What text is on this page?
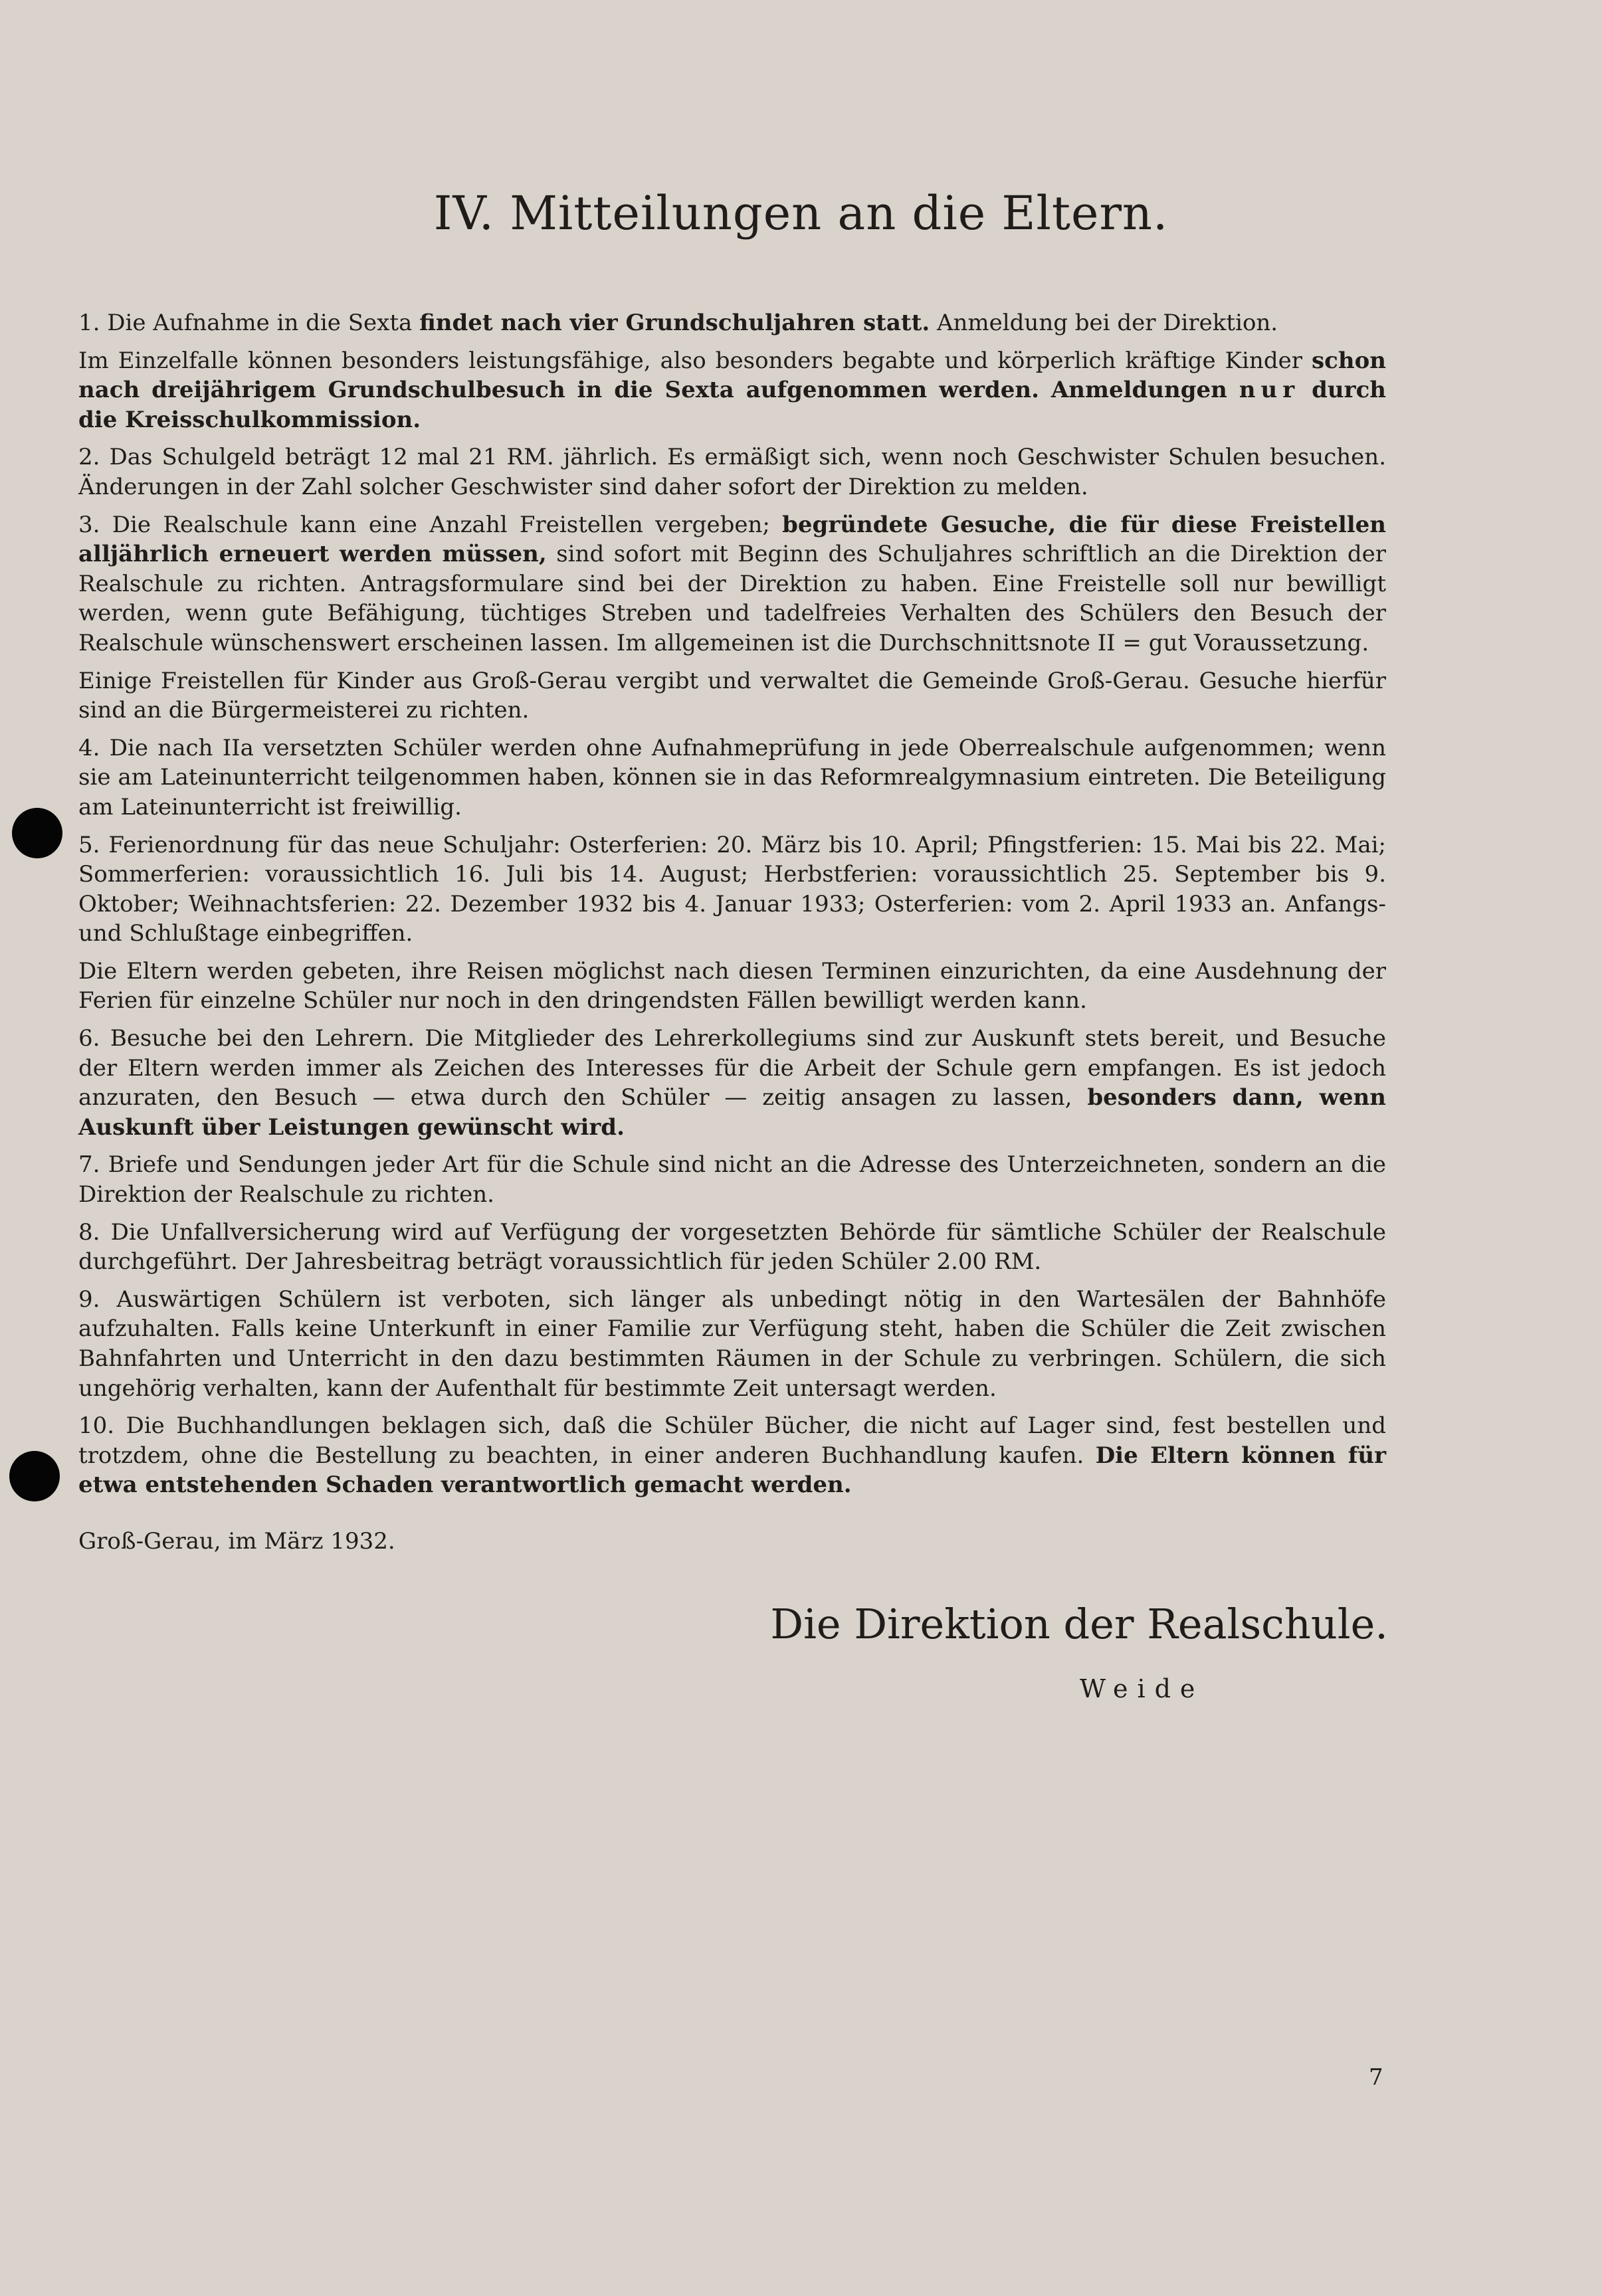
IV. Mitteilungen an die Eltern.

1. Die Aufnahme in die Sexta findet nach vier Grundschuljahren statt. Anmeldung bei der Direktion.

Im Einzelfalle können besonders leistungsfähige, also besonders begabte und körperlich kräftige Kinder schon nach dreijährigem Grundschulbesuch in die Sexta aufgenommen werden. Anmeldungen nur durch die Kreisschulkommission.

2. Das Schulgeld beträgt 12 mal 21 RM. jährlich. Es ermäßigt sich, wenn noch Geschwister Schulen besuchen. Änderungen in der Zahl solcher Geschwister sind daher sofort der Direktion zu melden.

3. Die Realschule kann eine Anzahl Freistellen vergeben; begründete Gesuche, die für diese Freistellen alljährlich erneuert werden müssen, sind sofort mit Beginn des Schuljahres schriftlich an die Direktion der Realschule zu richten. Antragsformulare sind bei der Direktion zu haben. Eine Freistelle soll nur bewilligt werden, wenn gute Befähigung, tüchtiges Streben und tadelfreies Verhalten des Schülers den Besuch der Realschule wünschenswert erscheinen lassen. Im allgemeinen ist die Durchschnittsnote II = gut Voraussetzung.

Einige Freistellen für Kinder aus Groß-Gerau vergibt und verwaltet die Gemeinde Groß-Gerau. Gesuche hierfür sind an die Bürgermeisterei zu richten.

4. Die nach IIa versetzten Schüler werden ohne Aufnahmeprüfung in jede Oberrealschule aufgenommen; wenn sie am Lateinunterricht teilgenommen haben, können sie in das Reformrealgymnasium eintreten. Die Beteiligung am Lateinunterricht ist freiwillig.

5. Ferienordnung für das neue Schuljahr: Osterferien: 20. März bis 10. April; Pfingstferien: 15. Mai bis 22. Mai; Sommerferien: voraussichtlich 16. Juli bis 14. August; Herbstferien: voraussichtlich 25. September bis 9. Oktober; Weihnachtsferien: 22. Dezember 1932 bis 4. Januar 1933; Osterferien: vom 2. April 1933 an. Anfangs- und Schlußtage einbegriffen.

Die Eltern werden gebeten, ihre Reisen möglichst nach diesen Terminen einzurichten, da eine Ausdehnung der Ferien für einzelne Schüler nur noch in den dringendsten Fällen bewilligt werden kann.

6. Besuche bei den Lehrern. Die Mitglieder des Lehrerkollegiums sind zur Auskunft stets bereit, und Besuche der Eltern werden immer als Zeichen des Interesses für die Arbeit der Schule gern empfangen. Es ist jedoch anzuraten, den Besuch — etwa durch den Schüler — zeitig ansagen zu lassen, besonders dann, wenn Auskunft über Leistungen gewünscht wird.

7. Briefe und Sendungen jeder Art für die Schule sind nicht an die Adresse des Unterzeichneten, sondern an die Direktion der Realschule zu richten.

8. Die Unfallversicherung wird auf Verfügung der vorgesetzten Behörde für sämtliche Schüler der Realschule durchgeführt. Der Jahresbeitrag beträgt voraussichtlich für jeden Schüler 2.00 RM.

9. Auswärtigen Schülern ist verboten, sich länger als unbedingt nötig in den Wartesälen der Bahnhöfe aufzuhalten. Falls keine Unterkunft in einer Familie zur Verfügung steht, haben die Schüler die Zeit zwischen Bahnfahrten und Unterricht in den dazu bestimmten Räumen in der Schule zu verbringen. Schülern, die sich ungehörig verhalten, kann der Aufenthalt für bestimmte Zeit untersagt werden.

10. Die Buchhandlungen beklagen sich, daß die Schüler Bücher, die nicht auf Lager sind, fest bestellen und trotzdem, ohne die Bestellung zu beachten, in einer anderen Buchhandlung kaufen. Die Eltern können für etwa entstehenden Schaden verantwortlich gemacht werden.

Groß-Gerau, im März 1932.
Die Direktion der Realschule.
Weide
7
